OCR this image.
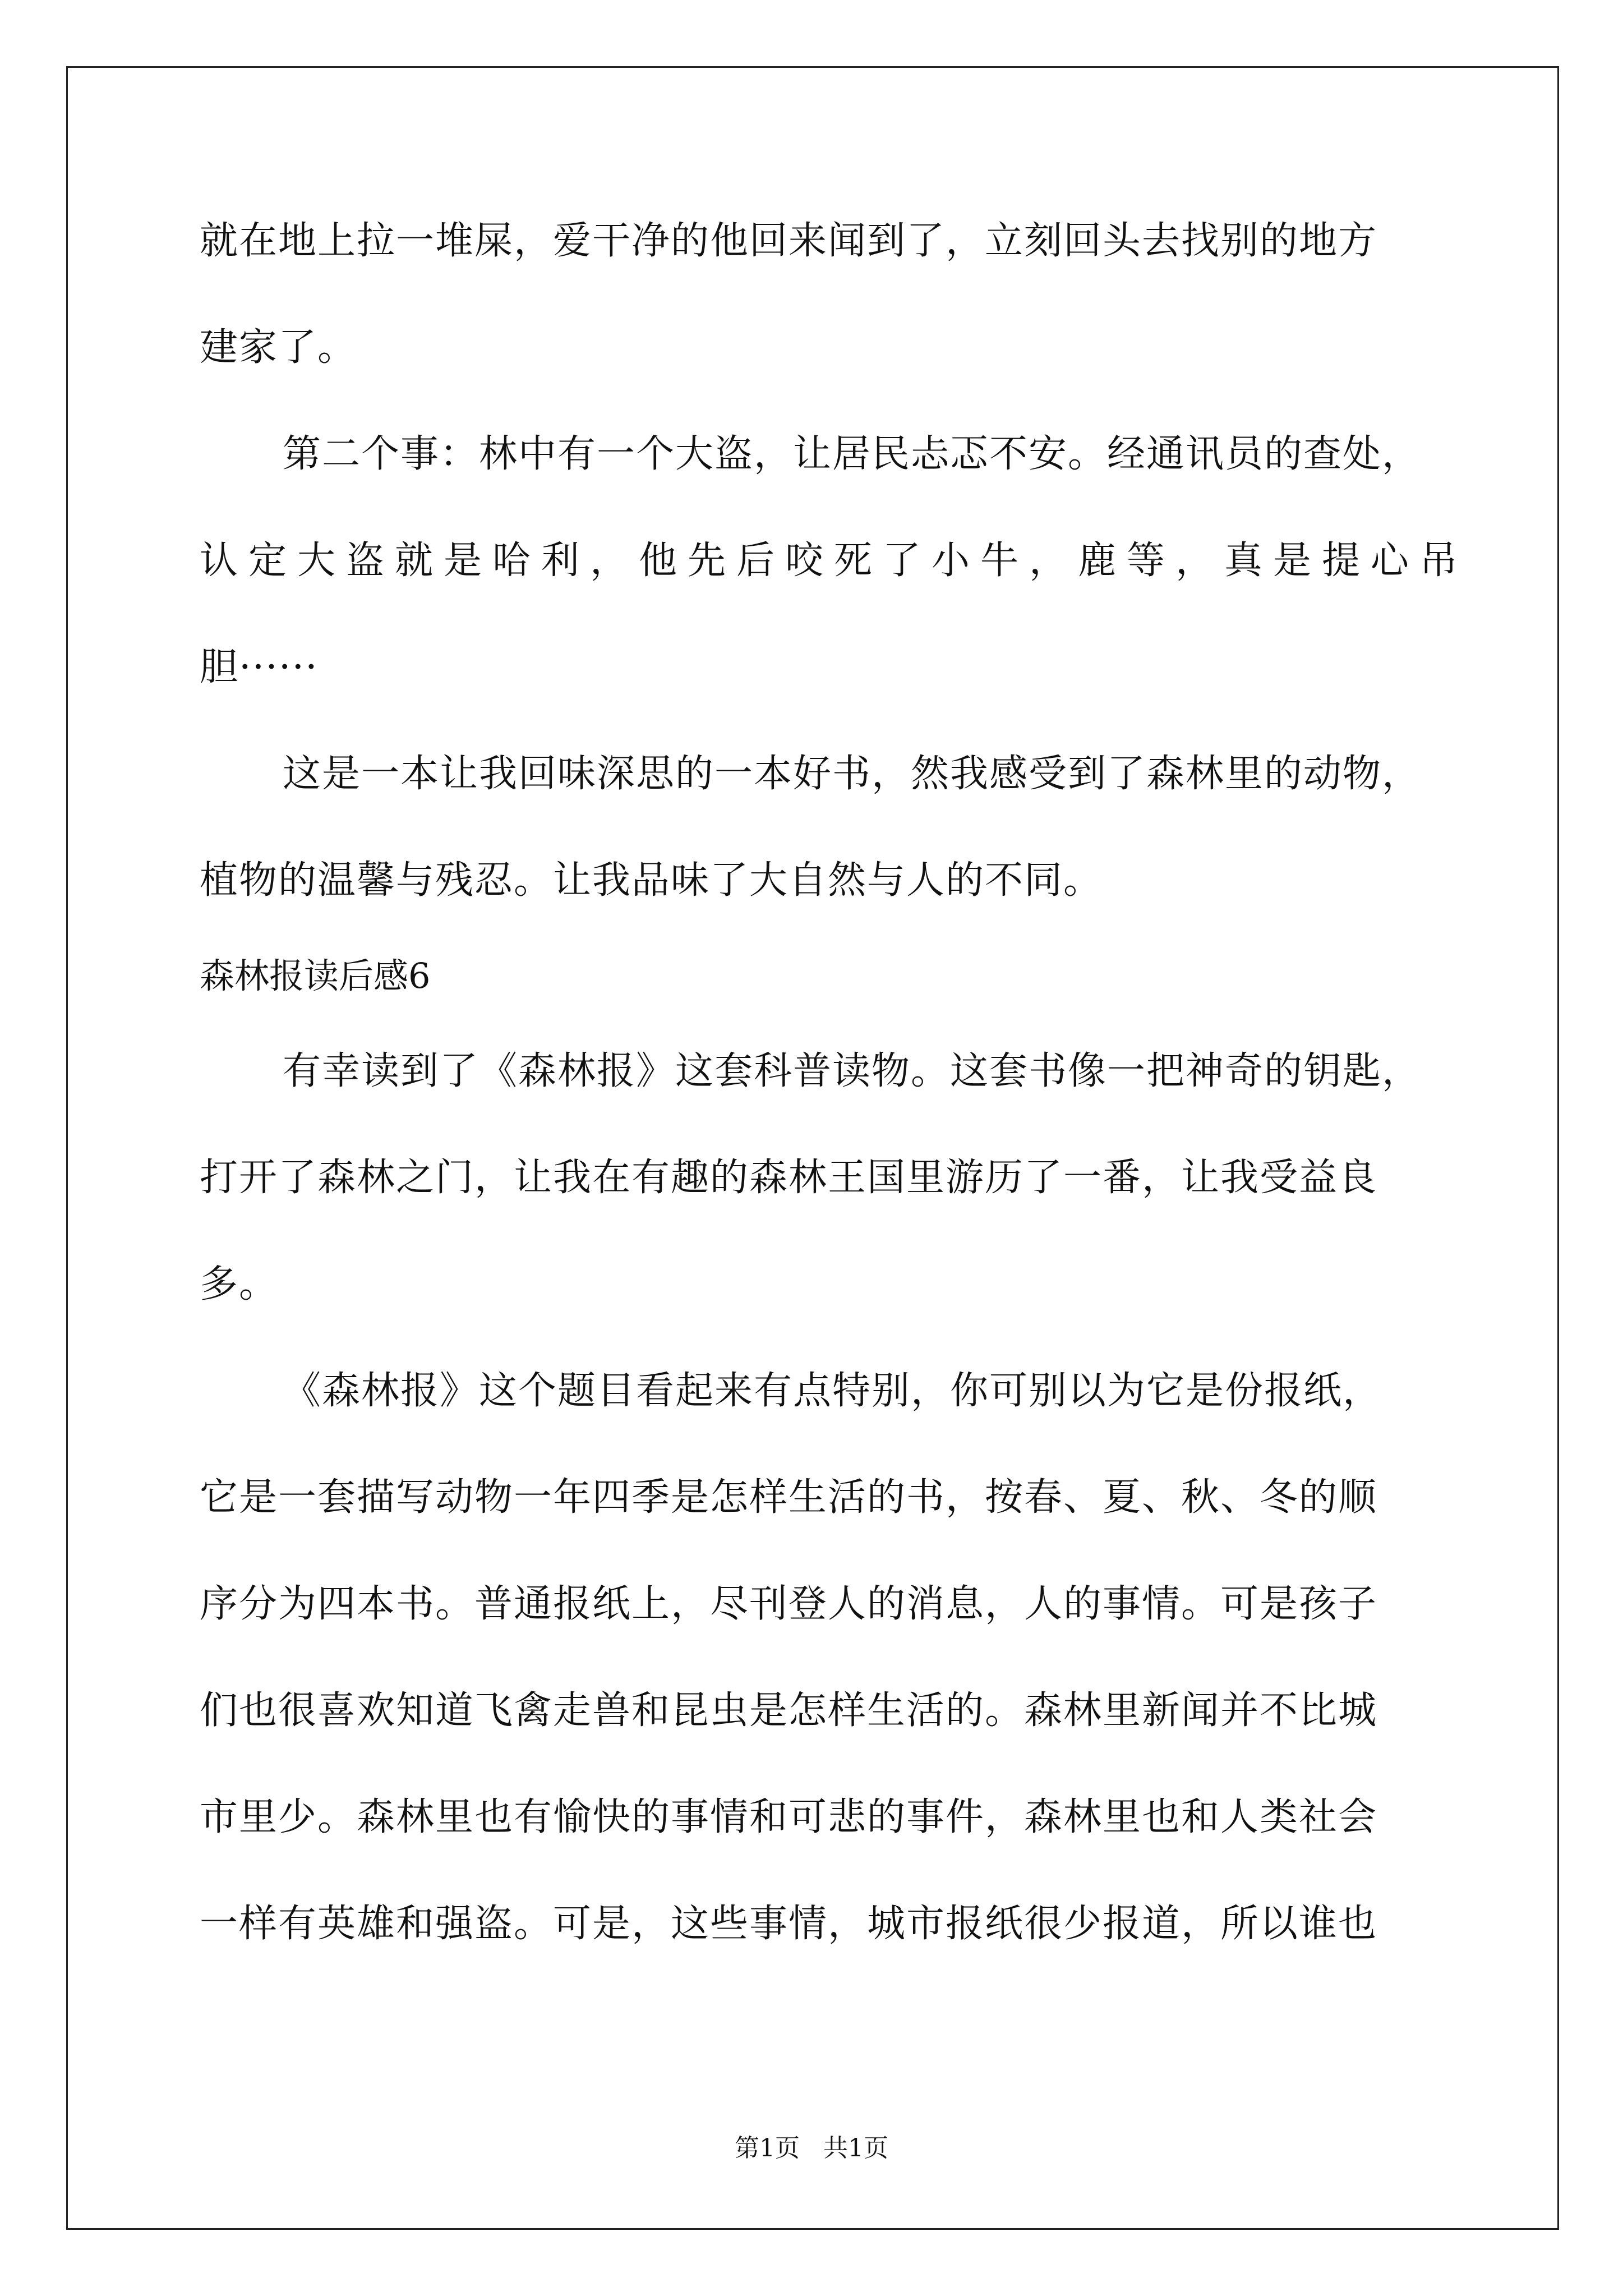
就在地上拉一堆屎，爱干净的他回来闻到了，立刻回头去找别的地方
建家了。
第二个事：林中有一个大盗，让居民忐忑不安。经通讯员的查处，
认定大盗就是哈利，他先后咬死了小牛，鹿等，真是提心吊
胆······
这是一本让我回味深思的一本好书，然我感受到了森林里的动物，
植物的温馨与残忍。让我品味了大自然与人的不同。
森林报读后感6
有幸读到了《森林报》这套科普读物。这套书像一把神奇的钥匙，
打开了森林之门，让我在有趣的森林王国里游历了一番，让我受益良
多。
《森林报》这个题目看起来有点特别，你可别以为它是份报纸，
它是一套描写动物一年四季是怎样生活的书，按春、夏、秋、冬的顺
序分为四本书。普通报纸上，尽刊登人的消息，人的事情。可是孩子
们也很喜欢知道飞禽走兽和昆虫是怎样生活的。森林里新闻并不比城
市里少。森林里也有愉快的事情和可悲的事件，森林里也和人类社会
一样有英雄和强盗。可是，这些事情，城市报纸很少报道，所以谁也
第1页   共1页
